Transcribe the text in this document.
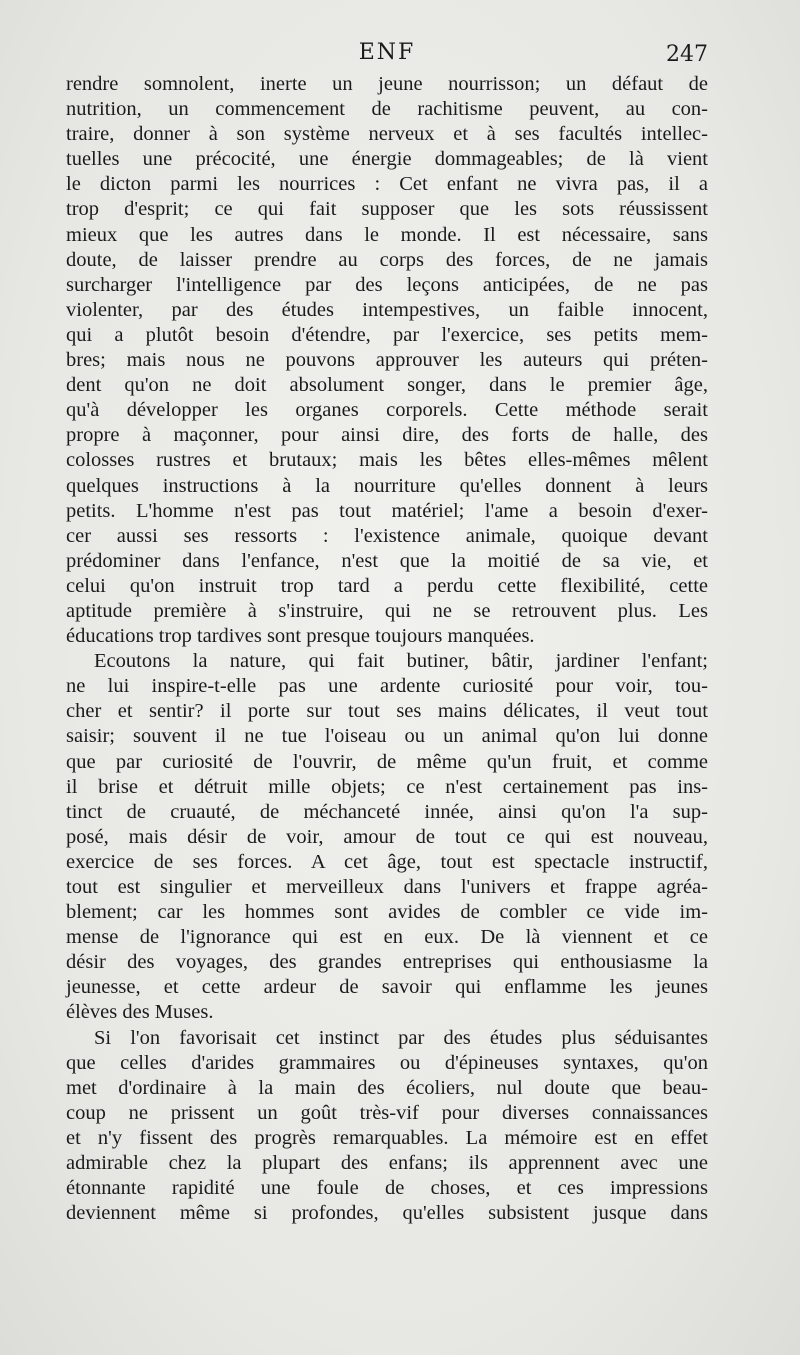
ENF	247
rendre somnolent, inerte un jeune nourrisson; un défaut de
nutrition, un commencement de rachitisme peuvent, au con-
traire, donner à son système nerveux et à ses facultés intellec-
tuelles une précocité, une énergie dommageables; de là vient
le dicton parmi les nourrices : Cet enfant ne vivra pas, il a
trop d'esprit; ce qui fait supposer que les sots réussissent
mieux que les autres dans le monde. Il est nécessaire, sans
doute, de laisser prendre au corps des forces, de ne jamais
surcharger l'intelligence par des leçons anticipées, de ne pas
violenter, par des études intempestives, un faible innocent,
qui a plutôt besoin d'étendre, par l'exercice, ses petits mem-
bres; mais nous ne pouvons approuver les auteurs qui préten-
dent qu'on ne doit absolument songer, dans le premier âge,
qu'à développer les organes corporels. Cette méthode serait
propre à maçonner, pour ainsi dire, des forts de halle, des
colosses rustres et brutaux; mais les bêtes elles-mêmes mêlent
quelques instructions à la nourriture qu'elles donnent à leurs
petits. L'homme n'est pas tout matériel; l'ame a besoin d'exer-
cer aussi ses ressorts : l'existence animale, quoique devant
prédominer dans l'enfance, n'est que la moitié de sa vie, et
celui qu'on instruit trop tard a perdu cette flexibilité, cette
aptitude première à s'instruire, qui ne se retrouvent plus. Les
éducations trop tardives sont presque toujours manquées.
Ecoutons la nature, qui fait butiner, bâtir, jardiner l'enfant;
ne lui inspire-t-elle pas une ardente curiosité pour voir, tou-
cher et sentir? il porte sur tout ses mains délicates, il veut tout
saisir; souvent il ne tue l'oiseau ou un animal qu'on lui donne
que par curiosité de l'ouvrir, de même qu'un fruit, et comme
il brise et détruit mille objets; ce n'est certainement pas ins-
tinct de cruauté, de méchanceté innée, ainsi qu'on l'a sup-
posé, mais désir de voir, amour de tout ce qui est nouveau,
exercice de ses forces. A cet âge, tout est spectacle instructif,
tout est singulier et merveilleux dans l'univers et frappe agréa-
blement; car les hommes sont avides de combler ce vide im-
mense de l'ignorance qui est en eux. De là viennent et ce
désir des voyages, des grandes entreprises qui enthousiasme la
jeunesse, et cette ardeur de savoir qui enflamme les jeunes
élèves des Muses.
Si l'on favorisait cet instinct par des études plus séduisantes
que celles d'arides grammaires ou d'épineuses syntaxes, qu'on
met d'ordinaire à la main des écoliers, nul doute que beau-
coup ne prissent un goût très-vif pour diverses connaissances
et n'y fissent des progrès remarquables. La mémoire est en effet
admirable chez la plupart des enfans; ils apprennent avec une
étonnante rapidité une foule de choses, et ces impressions
deviennent même si profondes, qu'elles subsistent jusque dans
